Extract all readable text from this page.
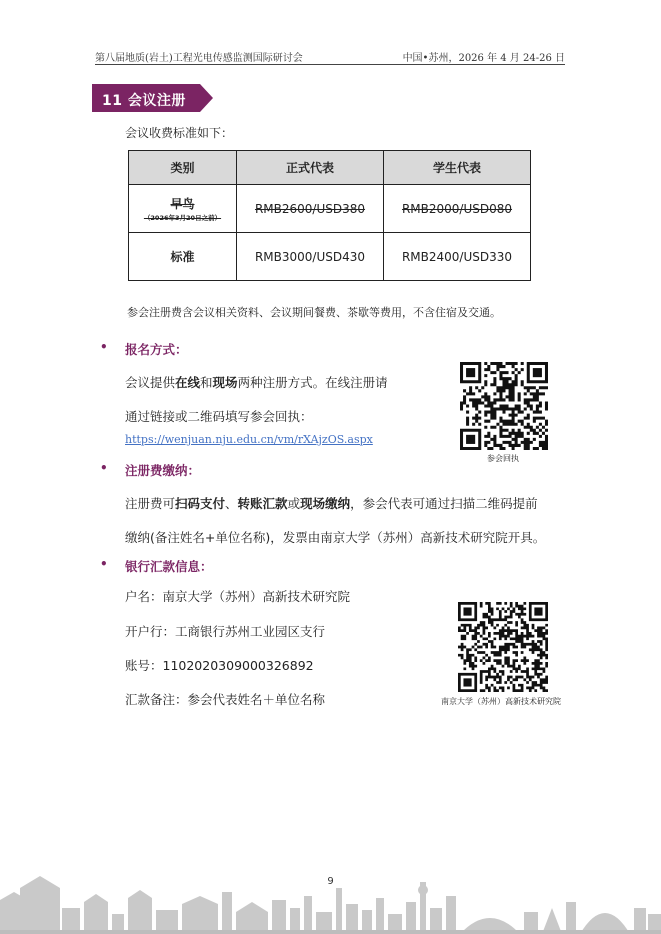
第八届地质(岩土)工程光电传感监测国际研讨会	中国•苏州，2026 年 4 月 24-26 日
11 会议注册
会议收费标准如下：
类别	正式代表	学生代表
早鸟
（2026年3月20日之前）	RMB2600/USD380	RMB2000/USD080
标准	RMB3000/USD430	RMB2400/USD330
参会注册费含会议相关资料、会议期间餐费、茶歇等费用，不含住宿及交通。
• 报名方式：
会议提供在线和现场两种注册方式。在线注册请
通过链接或二维码填写参会回执：
https://wenjuan.nju.edu.cn/vm/rXAjzOS.aspx
参会回执
• 注册费缴纳：
注册费可扫码支付、转账汇款或现场缴纳，参会代表可通过扫描二维码提前
缴纳(备注姓名+单位名称)，发票由南京大学（苏州）高新技术研究院开具。
• 银行汇款信息：
户名：南京大学（苏州）高新技术研究院
开户行：工商银行苏州工业园区支行
账号：1102020309000326892
汇款备注：参会代表姓名＋单位名称	南京大学（苏州）高新技术研究院
9
